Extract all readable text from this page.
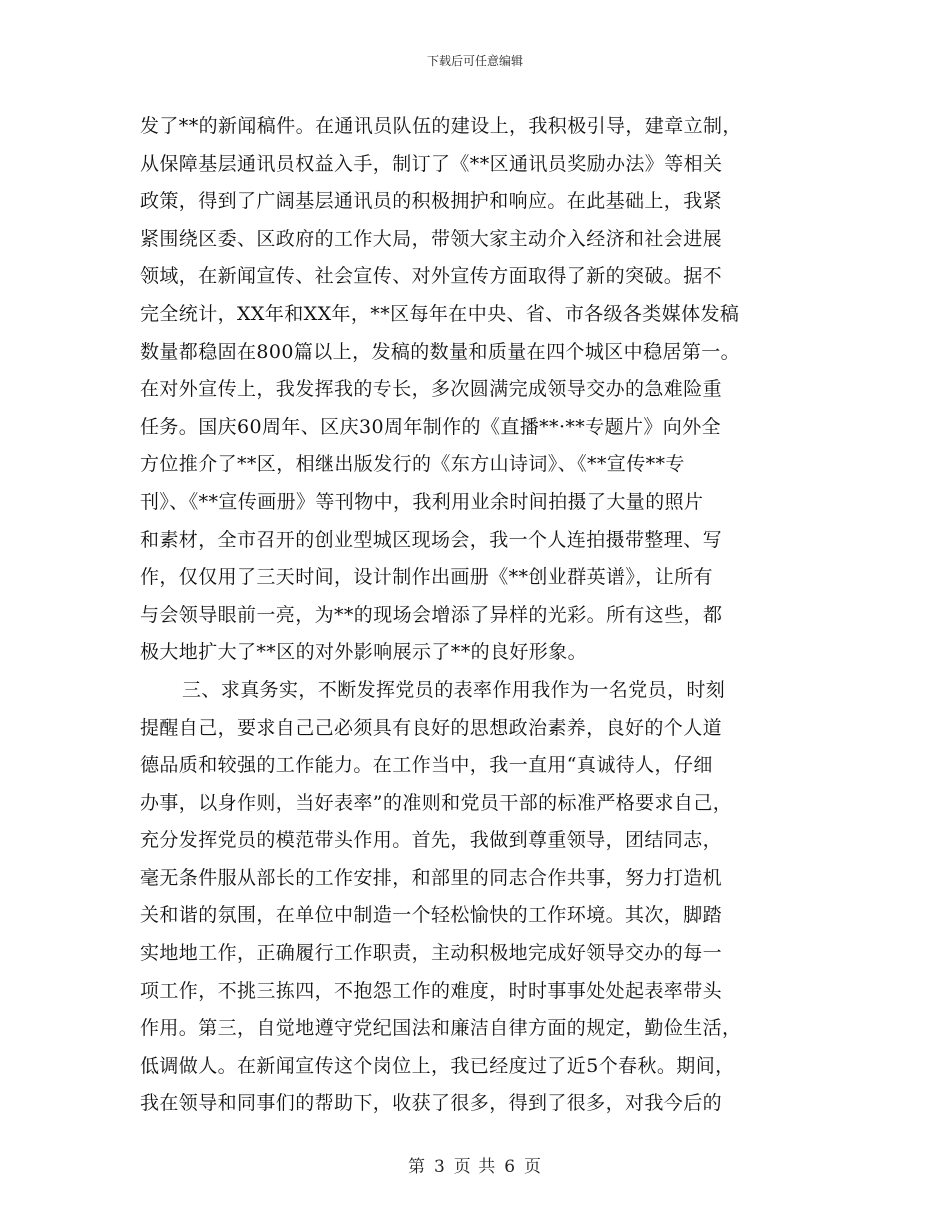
下载后可任意编辑
发了**的新闻稿件。在通讯员队伍的建设上，我积极引导，建章立制，
从保障基层通讯员权益入手，制订了《**区通讯员奖励办法》等相关
政策，得到了广阔基层通讯员的积极拥护和响应。在此基础上，我紧
紧围绕区委、区政府的工作大局，带领大家主动介入经济和社会进展
领域，在新闻宣传、社会宣传、对外宣传方面取得了新的突破。据不
完全统计，XX年和XX年，**区每年在中央、省、市各级各类媒体发稿
数量都稳固在800篇以上，发稿的数量和质量在四个城区中稳居第一。
在对外宣传上，我发挥我的专长，多次圆满完成领导交办的急难险重
任务。国庆60周年、区庆30周年制作的《直播**·**专题片》向外全
方位推介了**区，相继出版发行的《东方山诗词》、《**宣传**专
刊》、《**宣传画册》等刊物中，我利用业余时间拍摄了大量的照片
和素材，全市召开的创业型城区现场会，我一个人连拍摄带整理、写
作，仅仅用了三天时间，设计制作出画册《**创业群英谱》，让所有
与会领导眼前一亮，为**的现场会增添了异样的光彩。所有这些，都
极大地扩大了**区的对外影响展示了**的良好形象。
三、求真务实，不断发挥党员的表率作用我作为一名党员，时刻
提醒自己，要求自己己必须具有良好的思想政治素养，良好的个人道
德品质和较强的工作能力。在工作当中，我一直用“真诚待人，仔细
办事，以身作则，当好表率”的准则和党员干部的标准严格要求自己，
充分发挥党员的模范带头作用。首先，我做到尊重领导，团结同志，
毫无条件服从部长的工作安排，和部里的同志合作共事，努力打造机
关和谐的氛围，在单位中制造一个轻松愉快的工作环境。其次，脚踏
实地地工作，正确履行工作职责，主动积极地完成好领导交办的每一
项工作，不挑三拣四，不抱怨工作的难度，时时事事处处起表率带头
作用。第三，自觉地遵守党纪国法和廉洁自律方面的规定，勤俭生活，
低调做人。在新闻宣传这个岗位上，我已经度过了近5个春秋。期间，
我在领导和同事们的帮助下，收获了很多，得到了很多，对我今后的
第 3 页 共 6 页
